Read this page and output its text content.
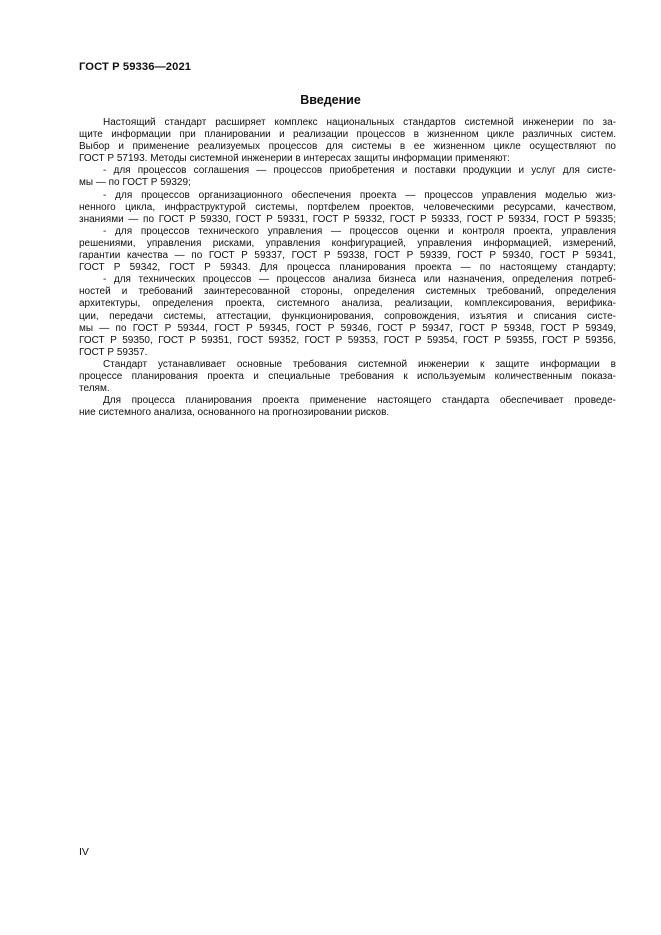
ГОСТ Р 59336—2021
Введение
Настоящий стандарт расширяет комплекс национальных стандартов системной инженерии по за-
щите информации при планировании и реализации процессов в жизненном цикле различных систем.
Выбор и применение реализуемых процессов для системы в ее жизненном цикле осуществляют по
ГОСТ Р 57193. Методы системной инженерии в интересах защиты информации применяют:
- для процессов соглашения — процессов приобретения и поставки продукции и услуг для систе-
мы — по ГОСТ Р 59329;
- для процессов организационного обеспечения проекта — процессов управления моделью жиз-
ненного цикла, инфраструктурой системы, портфелем проектов, человеческими ресурсами, качеством,
знаниями — по ГОСТ Р 59330, ГОСТ Р 59331, ГОСТ Р 59332, ГОСТ Р 59333, ГОСТ Р 59334, ГОСТ Р 59335;
- для процессов технического управления — процессов оценки и контроля проекта, управления
решениями, управления рисками, управления конфигурацией, управления информацией, измерений,
гарантии качества — по ГОСТ Р 59337, ГОСТ Р 59338, ГОСТ Р 59339, ГОСТ Р 59340, ГОСТ Р 59341,
ГОСТ Р 59342, ГОСТ Р 59343. Для процесса планирования проекта — по настоящему стандарту;
- для технических процессов — процессов анализа бизнеса или назначения, определения потреб-
ностей и требований заинтересованной стороны, определения системных требований, определения
архитектуры, определения проекта, системного анализа, реализации, комплексирования, верифика-
ции, передачи системы, аттестации, функционирования, сопровождения, изъятия и списания систе-
мы — по ГОСТ Р 59344, ГОСТ Р 59345, ГОСТ Р 59346, ГОСТ Р 59347, ГОСТ Р 59348, ГОСТ Р 59349,
ГОСТ Р 59350, ГОСТ Р 59351, ГОСТ 59352, ГОСТ Р 59353, ГОСТ Р 59354, ГОСТ Р 59355, ГОСТ Р 59356,
ГОСТ Р 59357.
Стандарт устанавливает основные требования системной инженерии к защите информации в
процессе планирования проекта и специальные требования к используемым количественным показа-
телям.
Для процесса планирования проекта применение настоящего стандарта обеспечивает проведе-
ние системного анализа, основанного на прогнозировании рисков.
IV
